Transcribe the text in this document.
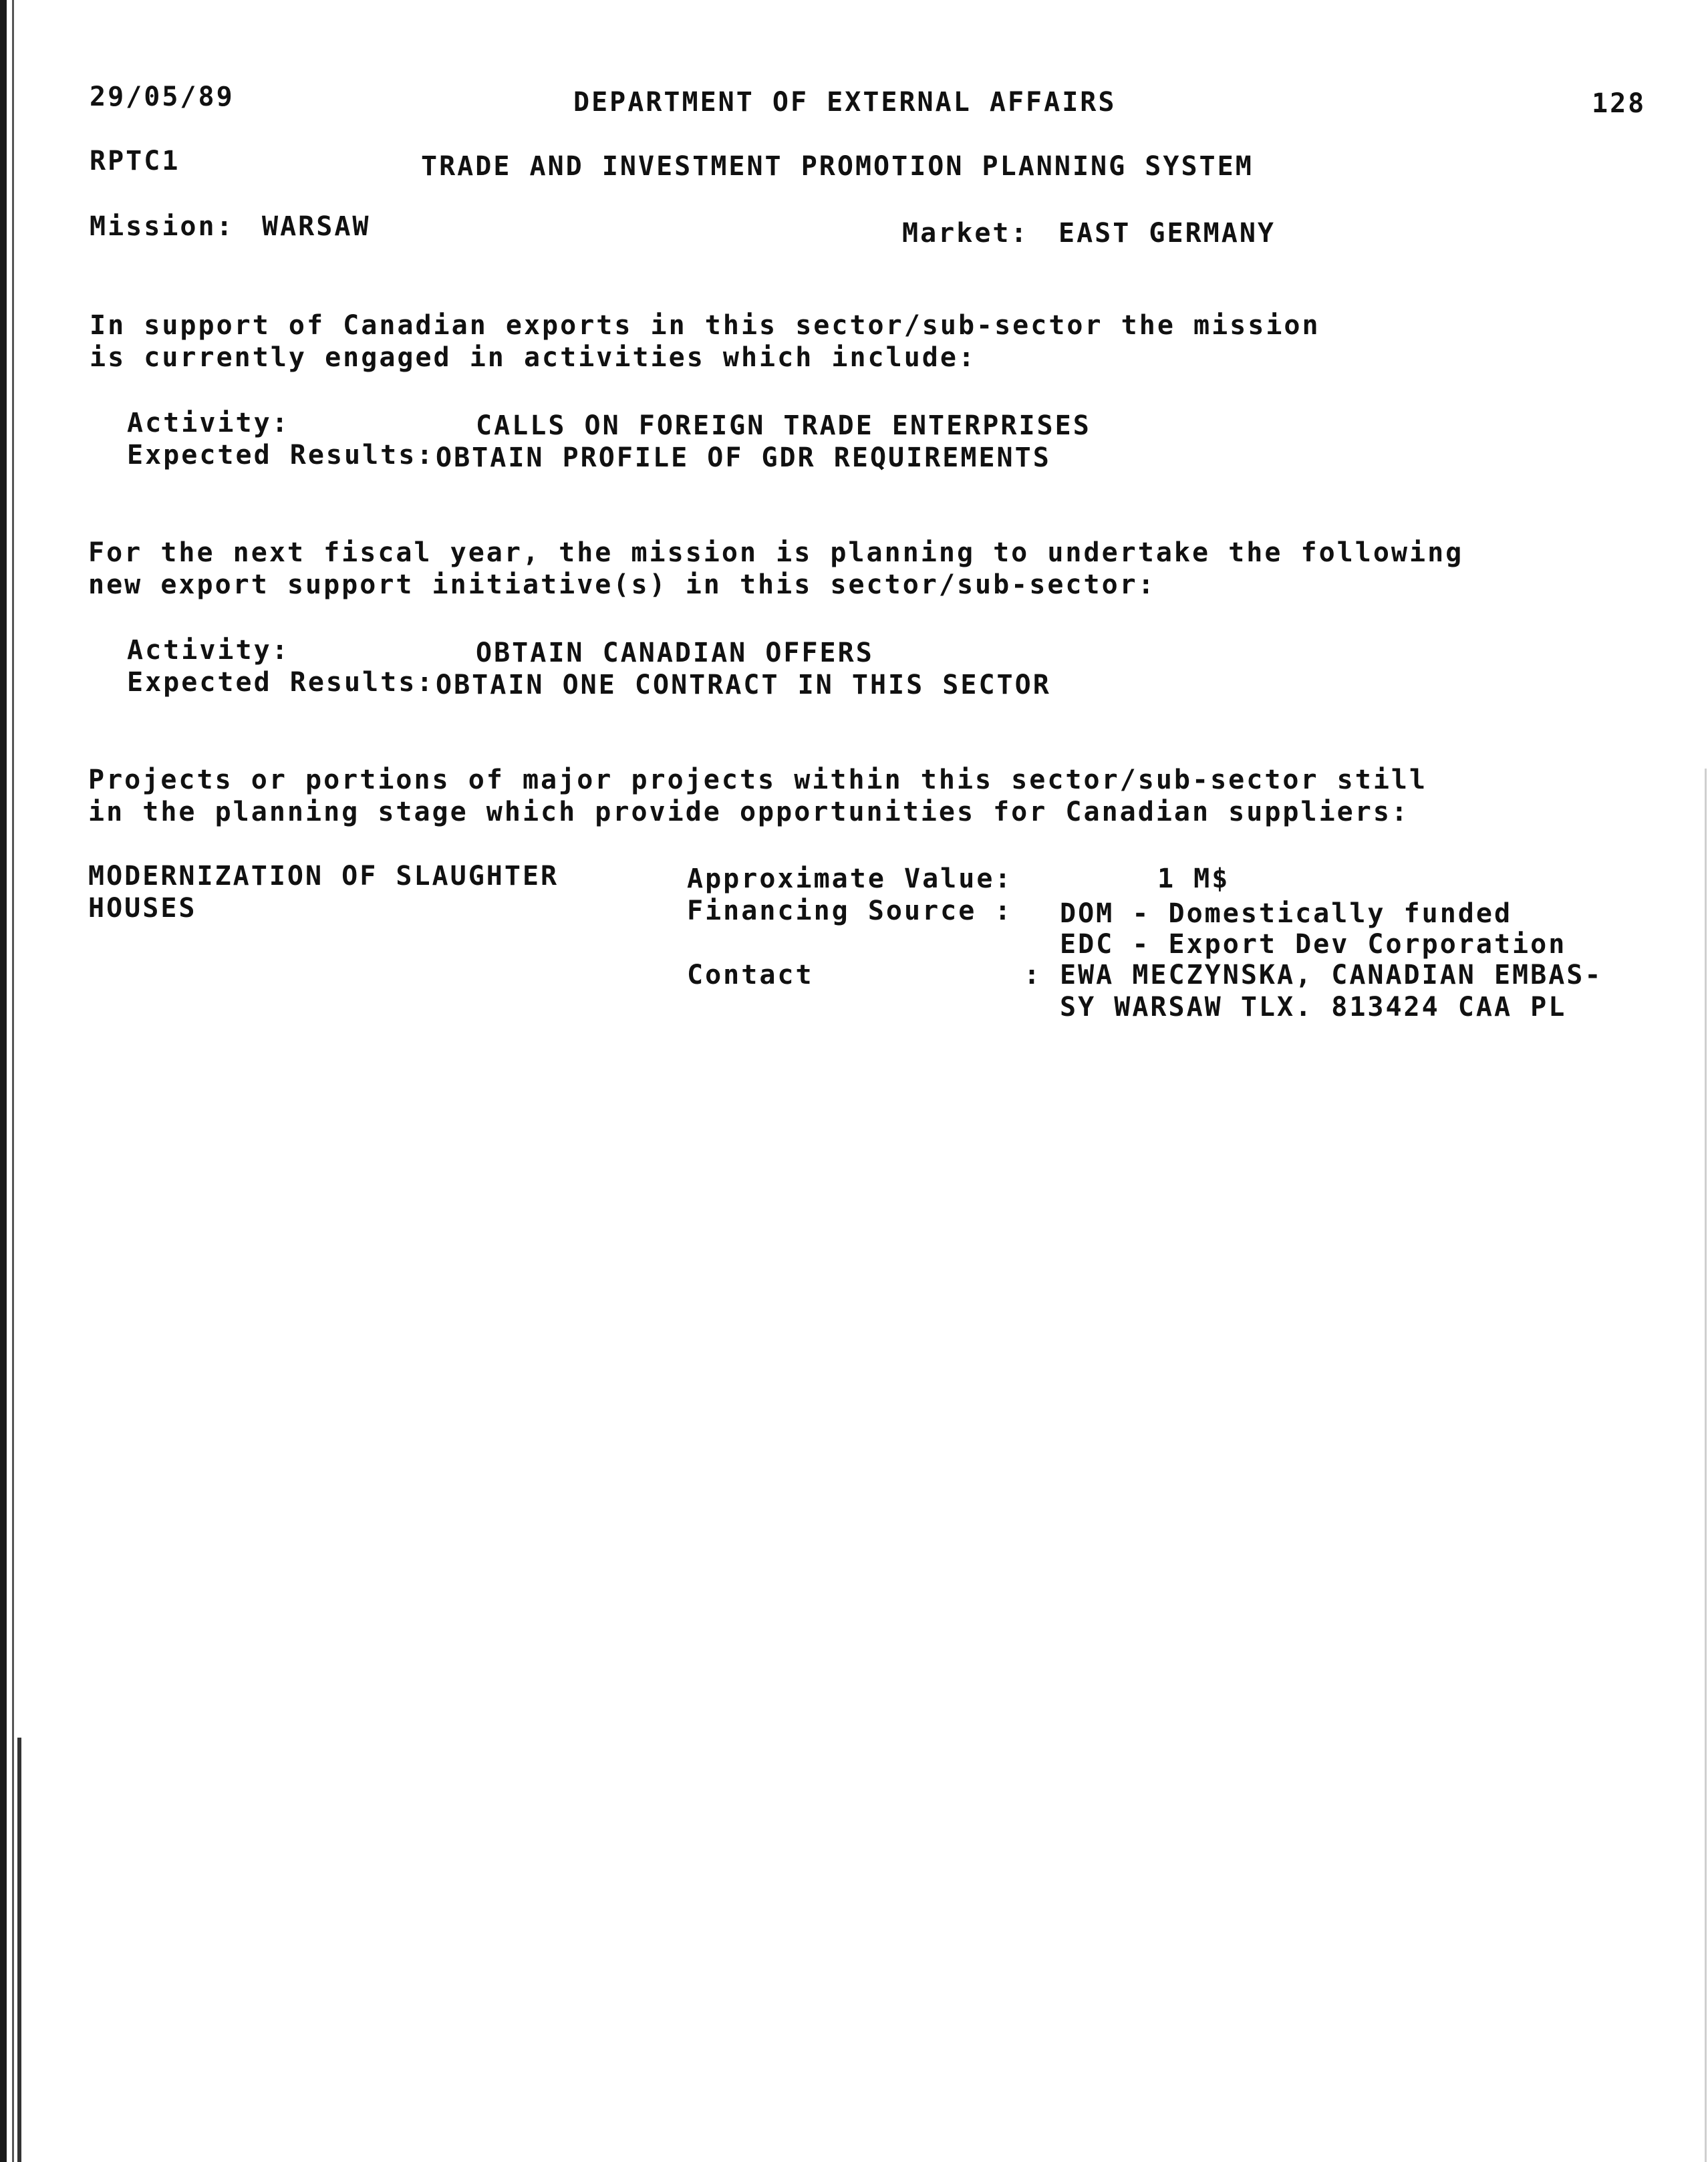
29/05/89	DEPARTMENT OF EXTERNAL AFFAIRS	128
RPTC1	TRADE AND INVESTMENT PROMOTION PLANNING SYSTEM
Mission: WARSAW	Market: EAST GERMANY
In support of Canadian exports in this sector/sub-sector the mission
is currently engaged in activities which include:
Activity:	CALLS ON FOREIGN TRADE ENTERPRISES
Expected Results: OBTAIN PROFILE OF GDR REQUIREMENTS
For the next fiscal year, the mission is planning to undertake the following
new export support initiative(s) in this sector/sub-sector:
Activity:	OBTAIN CANADIAN OFFERS
Expected Results: OBTAIN ONE CONTRACT IN THIS SECTOR
Projects or portions of major projects within this sector/sub-sector still
in the planning stage which provide opportunities for Canadian suppliers:
MODERNIZATION OF SLAUGHTER
HOUSES
Approximate Value:	1 M$
Financing Source : DOM - Domestically funded
EDC - Export Dev Corporation
Contact	: EWA MECZYNSKA, CANADIAN EMBAS-
SY WARSAW TLX. 813424 CAA PL
